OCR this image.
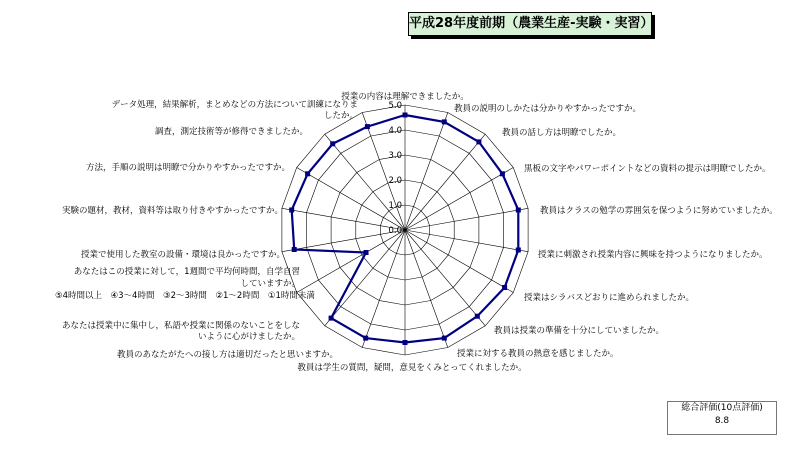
平成28年度前期（農業生産-実験・実習）
0.0
1.0
2.0
3.0
4.0
5.0
授業の内容は理解できましたか。
教員の説明のしかたは分かりやすかったですか。
教員の話し方は明瞭でしたか。
黒板の文字やパワーポイントなどの資料の提示は明瞭でしたか。
教員はクラスの勉学の雰囲気を保つように努めていましたか。
授業に刺激され授業内容に興味を持つようになりましたか。
授業はシラバスどおりに進められましたか。
教員は授業の準備を十分にしていましたか。
授業に対する教員の熱意を感じましたか。
教員は学生の質問，疑問，意見をくみとってくれましたか。
教員のあなたがたへの接し方は適切だったと思いますか。
あなたは授業中に集中し，私語や授業に関係のないことをしないように心がけましたか。
あなたはこの授業に対して，1週間で平均何時間，自学自習していますか。 ⑤4時間以上　④3～4時間　③2～3時間　②1～2時間　①1時間未満
授業で使用した教室の設備・環境は良かったですか。
実験の題材，教材，資料等は取り付きやすかったですか。
方法，手順の説明は明瞭で分かりやすかったですか。
調査，測定技術等が修得できましたか。
データ処理，結果解析，まとめなどの方法について訓練になりましたか。
総合評価(10点評価)
8.8
